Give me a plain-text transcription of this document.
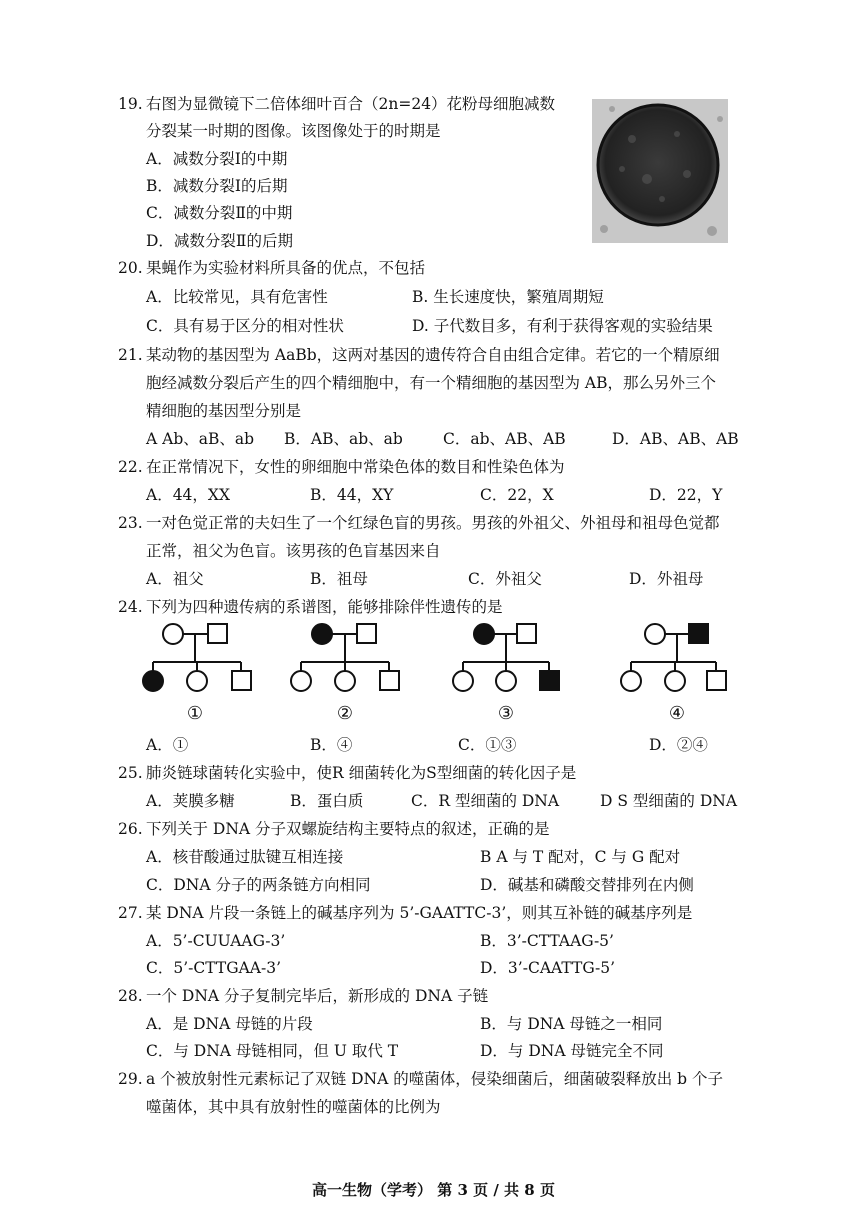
19. 右图为显微镜下二倍体细叶百合（2n=24）花粉母细胞减数
分裂某一时期的图像。该图像处于的时期是
A．减数分裂Ⅰ的中期
B．减数分裂Ⅰ的后期
C．减数分裂Ⅱ的中期
D．减数分裂Ⅱ的后期
20. 果蝇作为实验材料所具备的优点，不包括
A．比较常见，具有危害性	B. 生长速度快，繁殖周期短
C．具有易于区分的相对性状	D. 子代数目多，有利于获得客观的实验结果
21. 某动物的基因型为 AaBb，这两对基因的遗传符合自由组合定律。若它的一个精原细
胞经减数分裂后产生的四个精细胞中，有一个精细胞的基因型为 AB，那么另外三个
精细胞的基因型分别是
A Ab、aB、ab B．AB、ab、ab	C．ab、AB、AB	D．AB、AB、AB
22. 在正常情况下，女性的卵细胞中常染色体的数目和性染色体为
A．44，XX	B．44，XY	C．22，X	D．22，Y
23. 一对色觉正常的夫妇生了一个红绿色盲的男孩。男孩的外祖父、外祖母和祖母色觉都
正常，祖父为色盲。该男孩的色盲基因来自
A．祖父	B．祖母	C．外祖父	D．外祖母
24. 下列为四种遗传病的系谱图，能够排除伴性遗传的是
①	②	③	④
A．①	B．④	C．①③	D．②④
25. 肺炎链球菌转化实验中，使R 细菌转化为S型细菌的转化因子是
A．荚膜多糖	B．蛋白质	C．R 型细菌的 DNA	D S 型细菌的 DNA
26. 下列关于 DNA 分子双螺旋结构主要特点的叙述，正确的是
A．核苷酸通过肽键互相连接	B A 与 T 配对，C 与 G 配对
C．DNA 分子的两条链方向相同	D．碱基和磷酸交替排列在内侧
27. 某 DNA 片段一条链上的碱基序列为 5’-GAATTC-3’，则其互补链的碱基序列是
A．5’-CUUAAG-3’	B．3’-CTTAAG-5’
C．5’-CTTGAA-3’	D．3’-CAATTG-5’
28. 一个 DNA 分子复制完毕后，新形成的 DNA 子链
A．是 DNA 母链的片段	B．与 DNA 母链之一相同
C．与 DNA 母链相同，但 U 取代 T	D．与 DNA 母链完全不同
29. a 个被放射性元素标记了双链 DNA 的噬菌体，侵染细菌后，细菌破裂释放出 b 个子
噬菌体，其中具有放射性的噬菌体的比例为
高一生物（学考） 第 3 页 / 共 8 页
